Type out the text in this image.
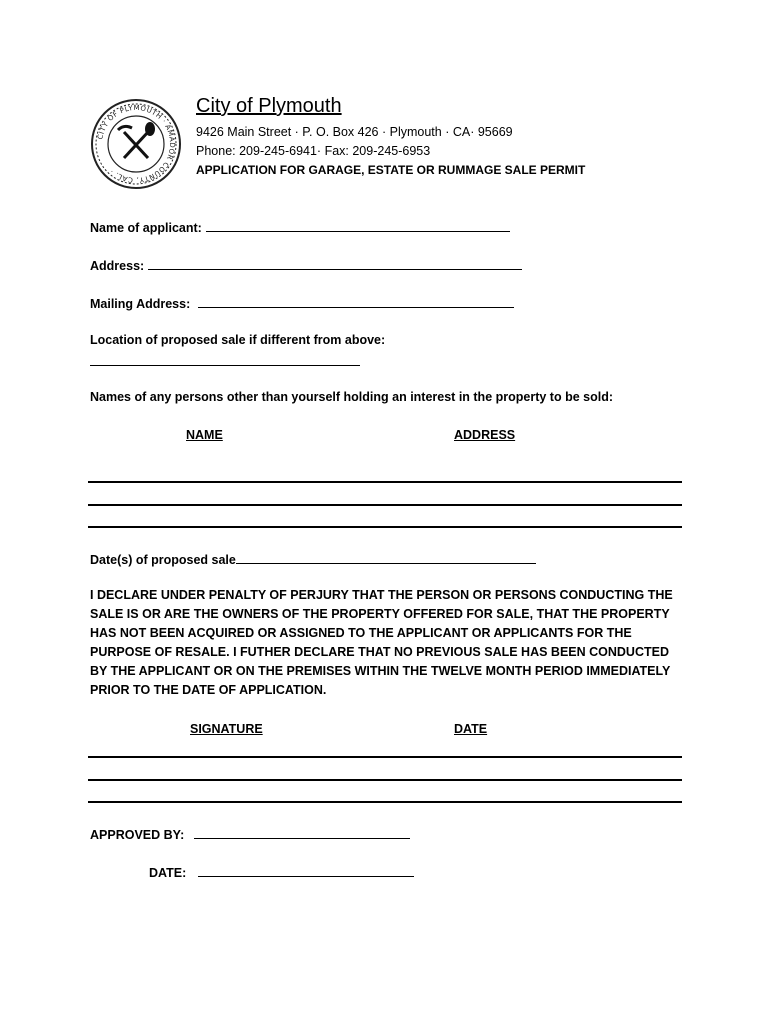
CITY OF PLYMOUTH · AMADOR COUNTY, CAL. ·
City of Plymouth
9426 Main Street · P. O. Box 426 · Plymouth · CA· 95669
Phone: 209-245-6941· Fax: 209-245-6953
APPLICATION FOR GARAGE, ESTATE OR RUMMAGE SALE PERMIT
Name of applicant:
Address:
Mailing Address:
Location of proposed sale if different from above:
Names of any persons other than yourself holding an interest in the property to be sold:
NAME	ADDRESS
Date(s) of proposed sale
I DECLARE UNDER PENALTY OF PERJURY THAT THE PERSON OR PERSONS CONDUCTING THE SALE IS OR ARE THE OWNERS OF THE PROPERTY OFFERED FOR SALE, THAT THE PROPERTY HAS NOT BEEN ACQUIRED OR ASSIGNED TO THE APPLICANT OR APPLICANTS FOR THE PURPOSE OF RESALE. I FUTHER DECLARE THAT NO PREVIOUS SALE HAS BEEN CONDUCTED BY THE APPLICANT OR ON THE PREMISES WITHIN THE TWELVE MONTH PERIOD IMMEDIATELY PRIOR TO THE DATE OF APPLICATION.
SIGNATURE	DATE
APPROVED BY:
DATE:
